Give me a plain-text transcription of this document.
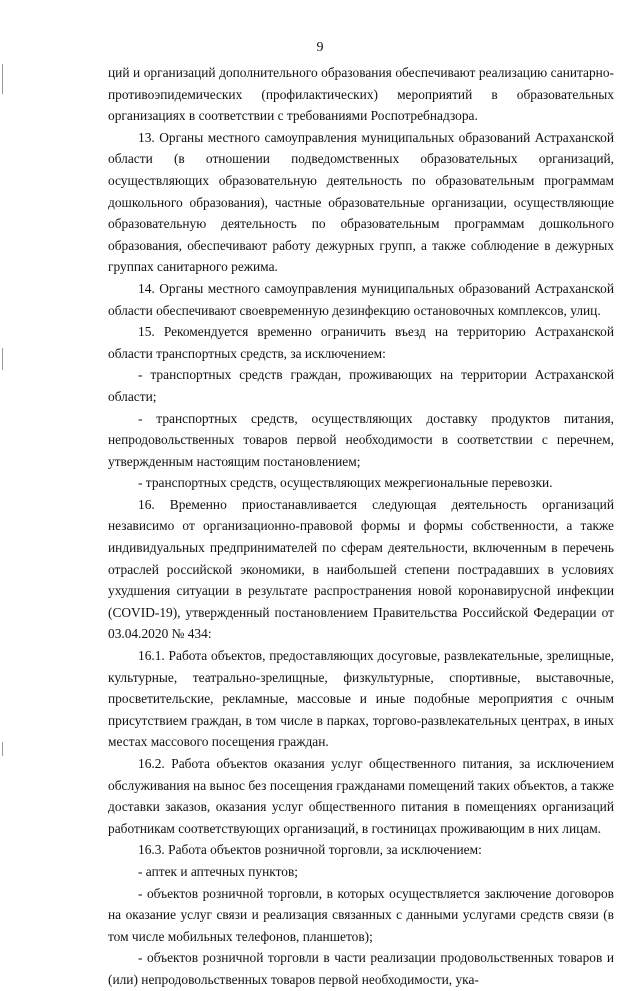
9

ций и организаций дополнительного образования обеспечивают реализацию санитарно-противоэпидемических (профилактических) мероприятий в образовательных организациях в соответствии с требованиями Роспотребнадзора.

13. Органы местного самоуправления муниципальных образований Астраханской области (в отношении подведомственных образовательных организаций, осуществляющих образовательную деятельность по образовательным программам дошкольного образования), частные образовательные организации, осуществляющие образовательную деятельность по образовательным программам дошкольного образования, обеспечивают работу дежурных групп, а также соблюдение в дежурных группах санитарного режима.

14. Органы местного самоуправления муниципальных образований Астраханской области обеспечивают своевременную дезинфекцию остановочных комплексов, улиц.

15. Рекомендуется временно ограничить въезд на территорию Астраханской области транспортных средств, за исключением:

- транспортных средств граждан, проживающих на территории Астраханской области;

- транспортных средств, осуществляющих доставку продуктов питания, непродовольственных товаров первой необходимости в соответствии с перечнем, утвержденным настоящим постановлением;

- транспортных средств, осуществляющих межрегиональные перевозки.

16. Временно приостанавливается следующая деятельность организаций независимо от организационно-правовой формы и формы собственности, а также индивидуальных предпринимателей по сферам деятельности, включенным в перечень отраслей российской экономики, в наибольшей степени пострадавших в условиях ухудшения ситуации в результате распространения новой коронавирусной инфекции (COVID-19), утвержденный постановлением Правительства Российской Федерации от 03.04.2020 № 434:

16.1. Работа объектов, предоставляющих досуговые, развлекательные, зрелищные, культурные, театрально-зрелищные, физкультурные, спортивные, выставочные, просветительские, рекламные, массовые и иные подобные мероприятия с очным присутствием граждан, в том числе в парках, торгово-развлекательных центрах, в иных местах массового посещения граждан.

16.2. Работа объектов оказания услуг общественного питания, за исключением обслуживания на вынос без посещения гражданами помещений таких объектов, а также доставки заказов, оказания услуг общественного питания в помещениях организаций работникам соответствующих организаций, в гостиницах проживающим в них лицам.

16.3. Работа объектов розничной торговли, за исключением:

- аптек и аптечных пунктов;

- объектов розничной торговли, в которых осуществляется заключение договоров на оказание услуг связи и реализация связанных с данными услугами средств связи (в том числе мобильных телефонов, планшетов);

- объектов розничной торговли в части реализации продовольственных товаров и (или) непродовольственных товаров первой необходимости, ука-
